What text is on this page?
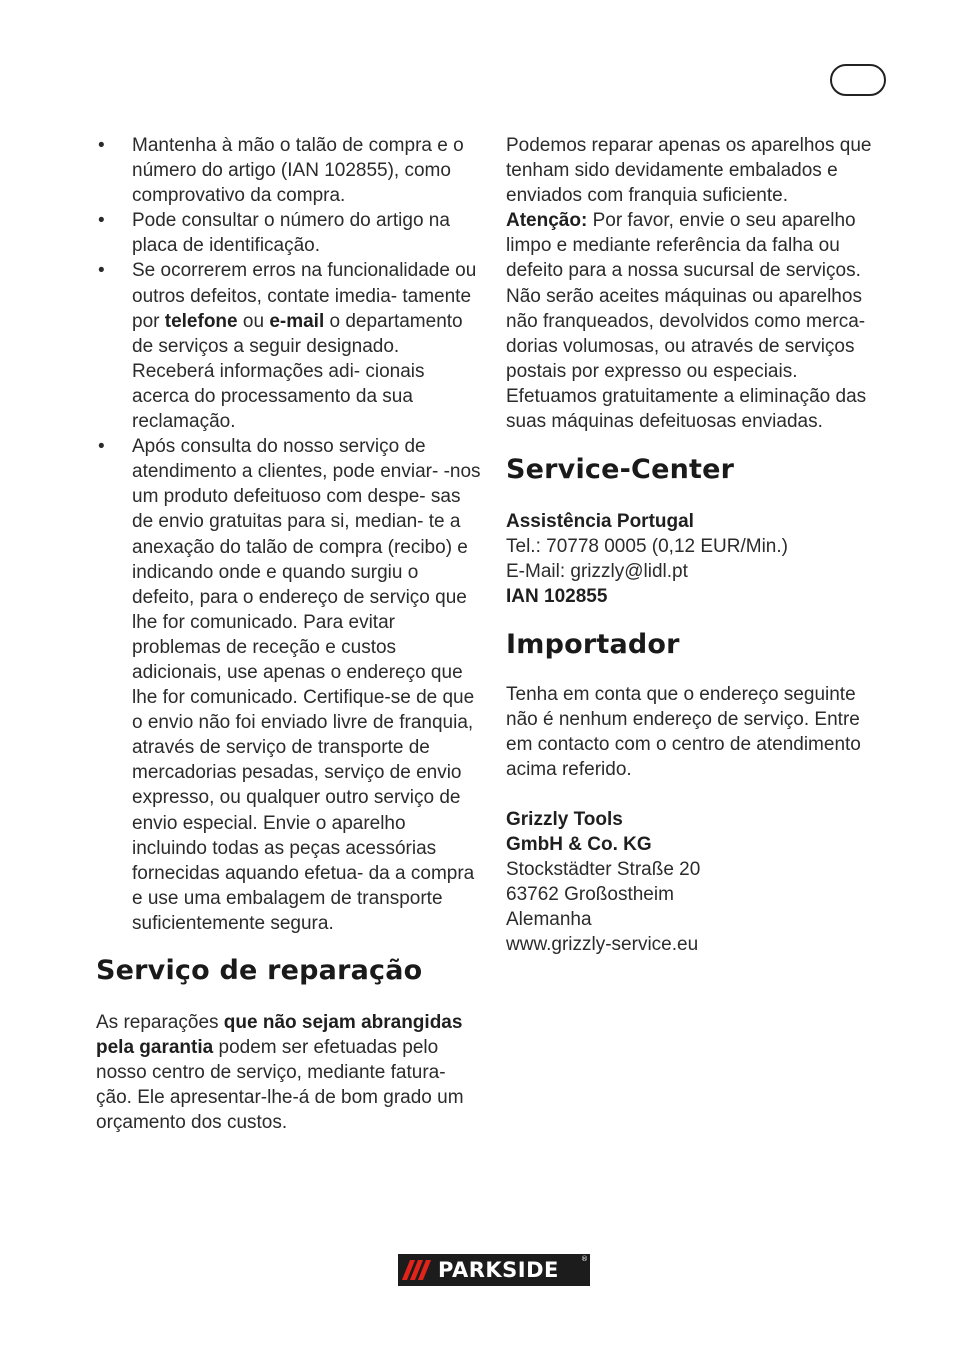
• Mantenha à mão o talão de compra e o número do artigo (IAN 102855), como comprovativo da compra.
• Pode consultar o número do artigo na placa de identificação.
• Se ocorrerem erros na funcionalidade ou outros defeitos, contate imedia- tamente por telefone ou e-mail o departamento de serviços a seguir designado. Receberá informações adi- cionais acerca do processamento da sua reclamação.
• Após consulta do nosso serviço de atendimento a clientes, pode enviar- -nos um produto defeituoso com despe- sas de envio gratuitas para si, median- te a anexação do talão de compra (recibo) e indicando onde e quando surgiu o defeito, para o endereço de serviço que lhe for comunicado. Para evitar problemas de receção e custos adicionais, use apenas o endereço que lhe for comunicado. Certifique-se de que o envio não foi enviado livre de franquia, através de serviço de transporte de mercadorias pesadas, serviço de envio expresso, ou qualquer outro serviço de envio especial. Envie o aparelho incluindo todas as peças acessórias fornecidas aquando efetua- da a compra e use uma embalagem de transporte suficientemente segura.
Serviço de reparação

As reparações que não sejam abrangidas pela garantia podem ser efetuadas pelo nosso centro de serviço, mediante fatura- ção. Ele apresentar-lhe-á de bom grado um orçamento dos custos.

Podemos reparar apenas os aparelhos que tenham sido devidamente embalados e enviados com franquia suficiente.

Atenção: Por favor, envie o seu aparelho limpo e mediante referência da falha ou defeito para a nossa sucursal de serviços. Não serão aceites máquinas ou aparelhos não franqueados, devolvidos como merca- dorias volumosas, ou através de serviços postais por expresso ou especiais. Efetuamos gratuitamente a eliminação das suas máquinas defeituosas enviadas.

Service-Center

Assistência Portugal

Tel.: 70778 0005 (0,12 EUR/Min.)

E-Mail: grizzly@lidl.pt

IAN 102855

Importador

Tenha em conta que o endereço seguinte não é nenhum endereço de serviço. Entre em contacto com o centro de atendimento acima referido.

Grizzly Tools

GmbH & Co. KG

Stockstädter Straße 20

63762 Großostheim

Alemanha

www.grizzly-service.eu

PARKSIDE	®
